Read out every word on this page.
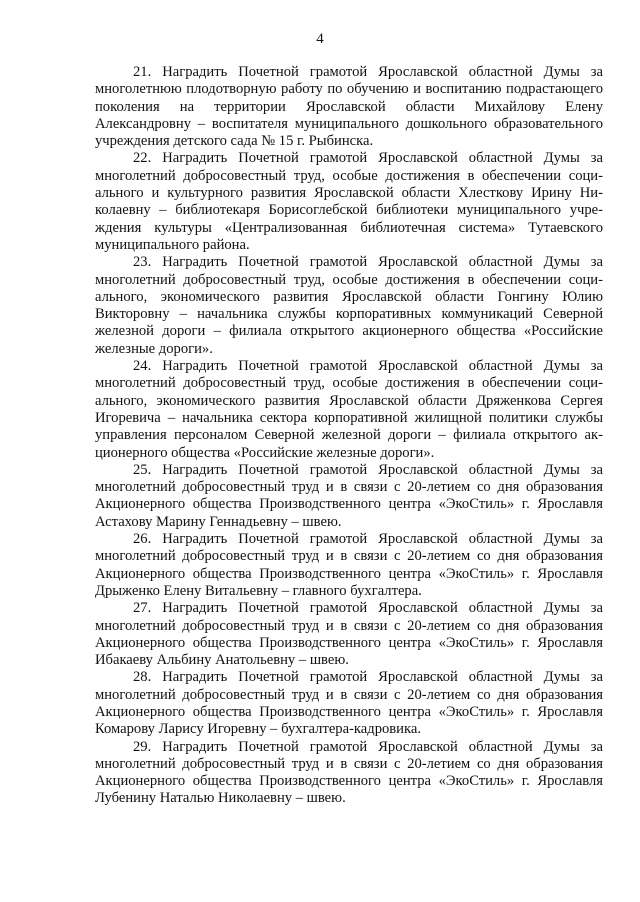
4

21. Наградить Почетной грамотой Ярославской областной Думы за многолетнюю плодотворную работу по обучению и воспитанию подрастающего поколения на территории Ярославской области Михайлову Елену Александровну – воспитателя муниципального дошкольного образовательного учреждения детского сада № 15 г. Рыбинска.

22. Наградить Почетной грамотой Ярославской областной Думы за многолетний добросовестный труд, особые достижения в обеспечении социального и культурного развития Ярославской области Хлесткову Ирину Николаевну – библиотекаря Борисоглебской библиотеки муниципального учреждения культуры «Централизованная библиотечная система» Тутаевского муниципального района.

23. Наградить Почетной грамотой Ярославской областной Думы за многолетний добросовестный труд, особые достижения в обеспечении социального, экономического развития Ярославской области Гонгину Юлию Викторовну – начальника службы корпоративных коммуникаций Северной железной дороги – филиала открытого акционерного общества «Российские железные дороги».

24. Наградить Почетной грамотой Ярославской областной Думы за многолетний добросовестный труд, особые достижения в обеспечении социального, экономического развития Ярославской области Дряженкова Сергея Игоревича – начальника сектора корпоративной жилищной политики службы управления персоналом Северной железной дороги – филиала открытого акционерного общества «Российские железные дороги».

25. Наградить Почетной грамотой Ярославской областной Думы за многолетний добросовестный труд и в связи с 20-летием со дня образования Акционерного общества Производственного центра «ЭкоСтиль» г. Ярославля Астахову Марину Геннадьевну – швею.

26. Наградить Почетной грамотой Ярославской областной Думы за многолетний добросовестный труд и в связи с 20-летием со дня образования Акционерного общества Производственного центра «ЭкоСтиль» г. Ярославля Дрыженко Елену Витальевну – главного бухгалтера.

27. Наградить Почетной грамотой Ярославской областной Думы за многолетний добросовестный труд и в связи с 20-летием со дня образования Акционерного общества Производственного центра «ЭкоСтиль» г. Ярославля Ибакаеву Альбину Анатольевну – швею.

28. Наградить Почетной грамотой Ярославской областной Думы за многолетний добросовестный труд и в связи с 20-летием со дня образования Акционерного общества Производственного центра «ЭкоСтиль» г. Ярославля Комарову Ларису Игоревну – бухгалтера-кадровика.

29. Наградить Почетной грамотой Ярославской областной Думы за многолетний добросовестный труд и в связи с 20-летием со дня образования Акционерного общества Производственного центра «ЭкоСтиль» г. Ярославля Лубенину Наталью Николаевну – швею.
